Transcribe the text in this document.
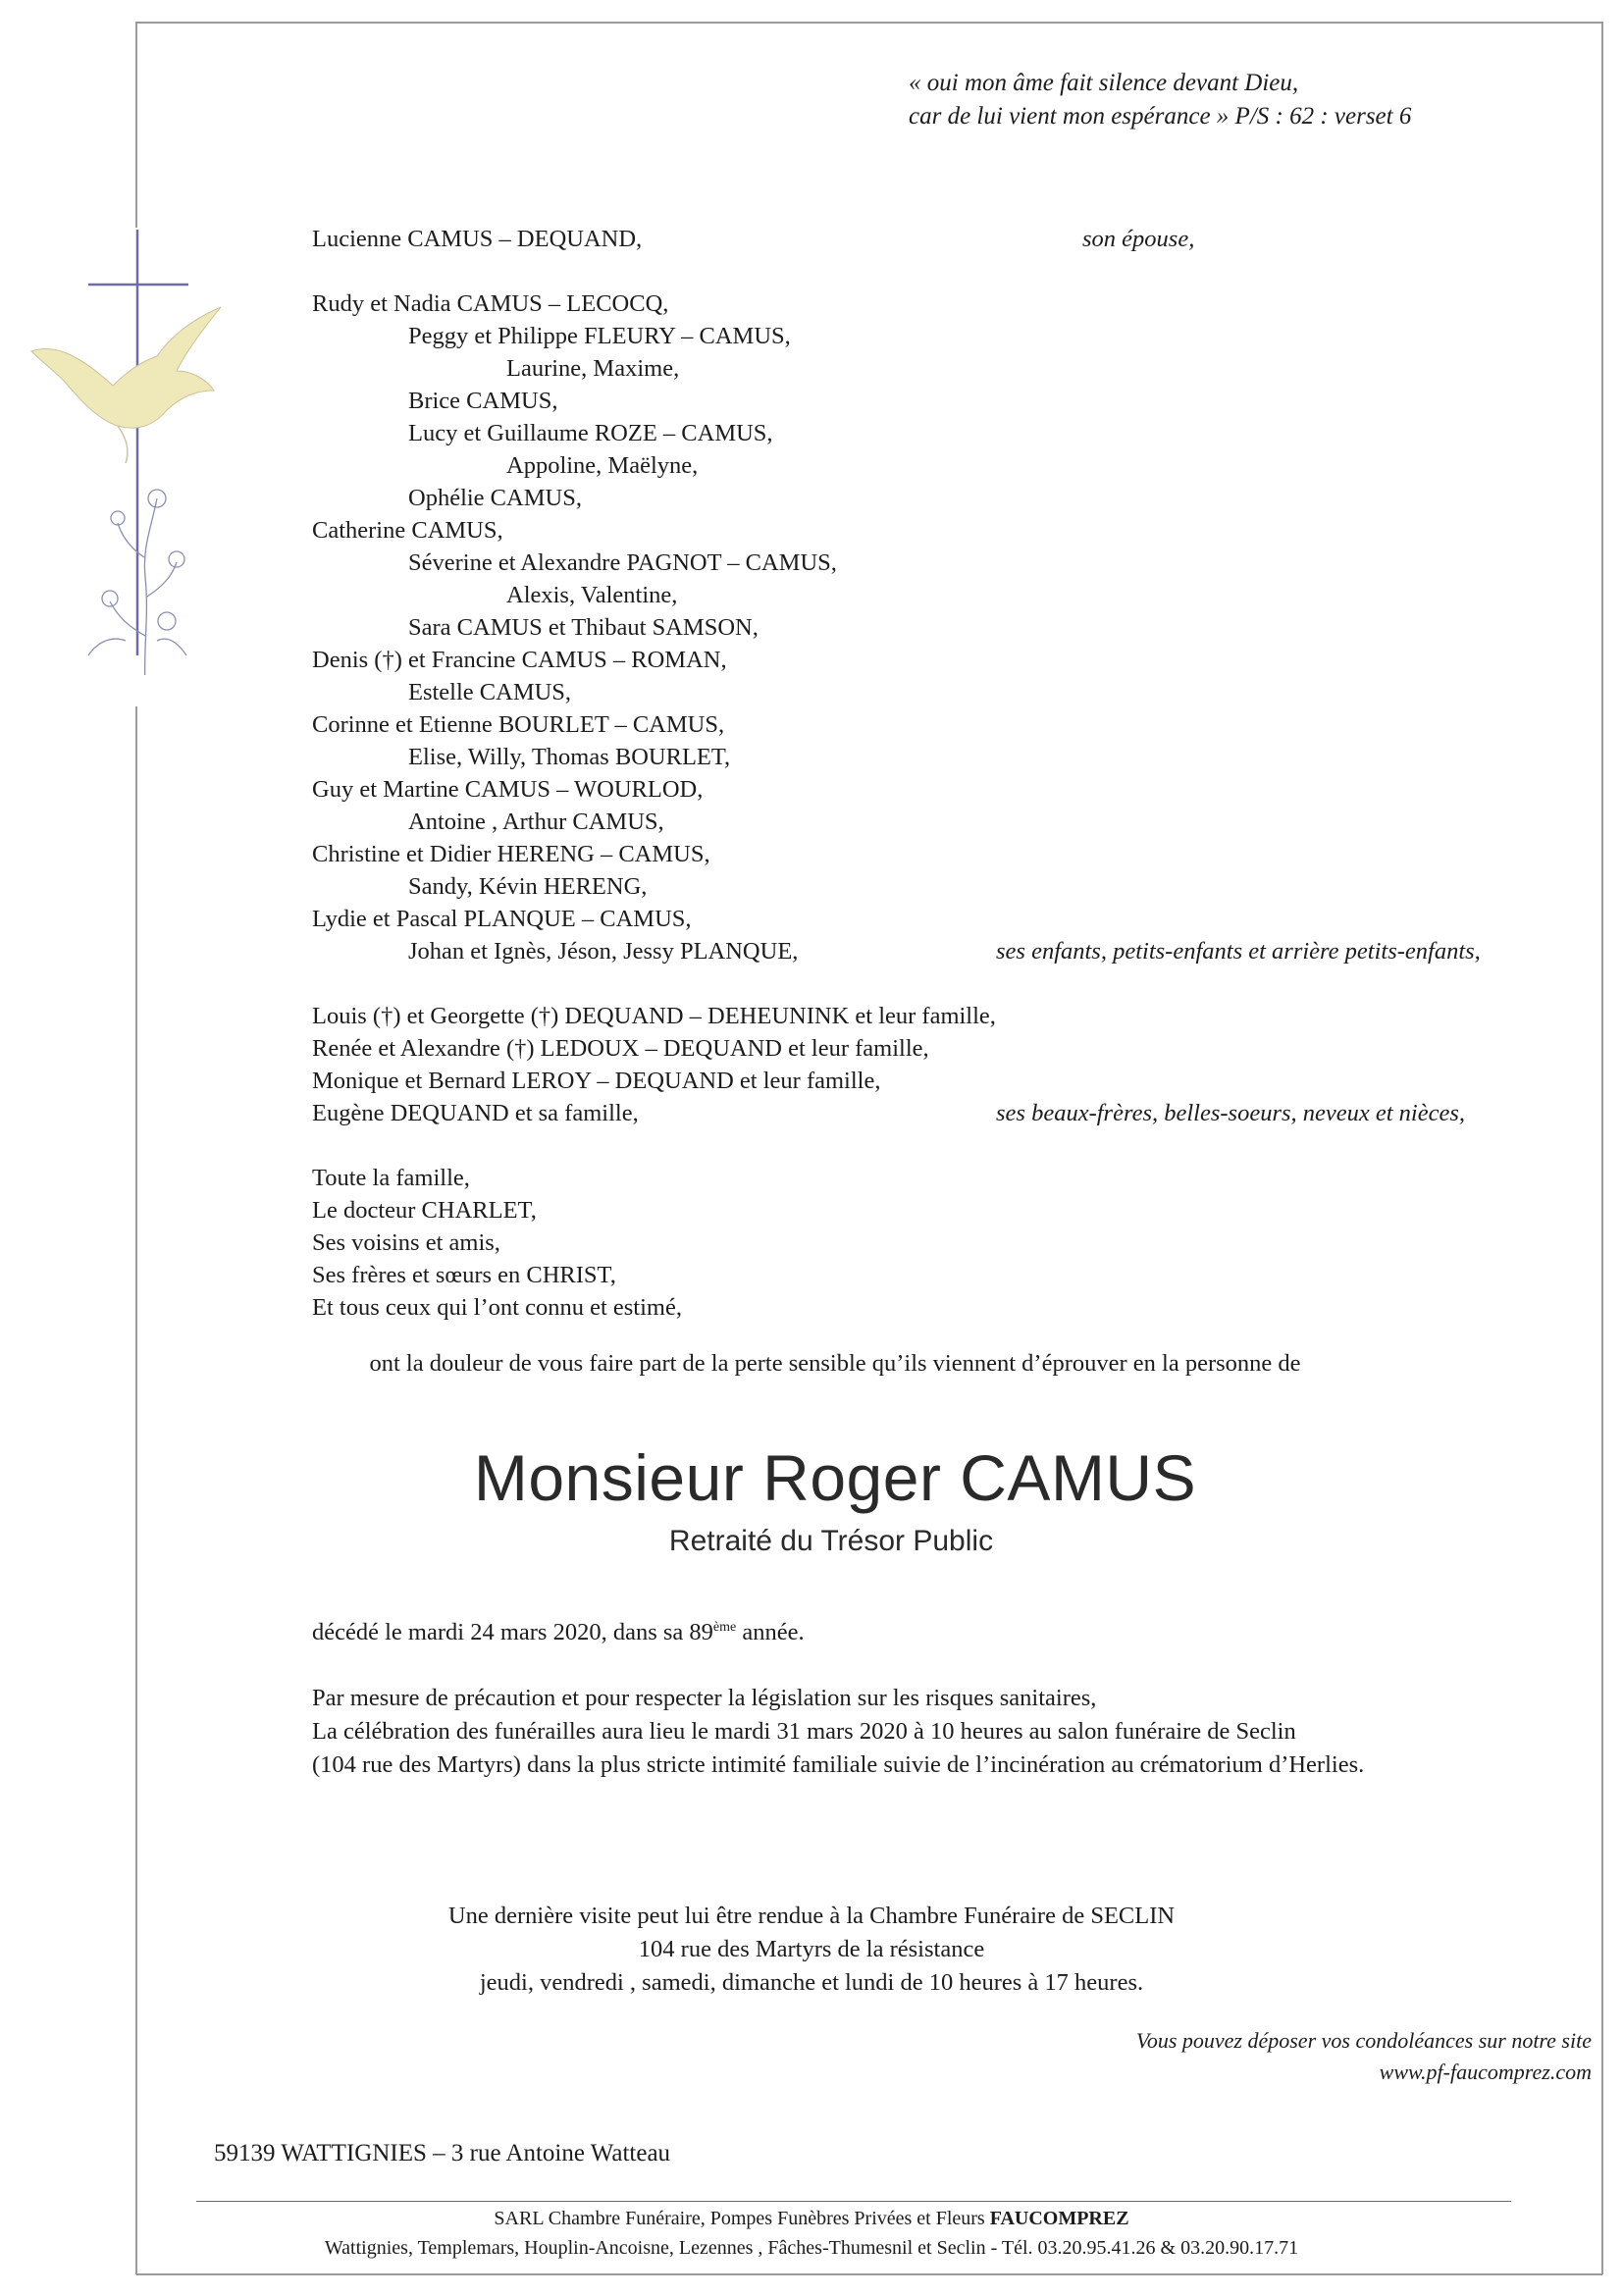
« oui mon âme fait silence devant Dieu,
car de lui vient mon espérance » P/S : 62 : verset 6
Lucienne CAMUS – DEQUAND,	son épouse,
Rudy et Nadia CAMUS – LECOCQ,
Peggy et Philippe FLEURY – CAMUS,
Laurine, Maxime,
Brice CAMUS,
Lucy et Guillaume ROZE – CAMUS,
Appoline, Maëlyne,
Ophélie CAMUS,
Catherine CAMUS,
Séverine et Alexandre PAGNOT – CAMUS,
Alexis, Valentine,
Sara CAMUS et Thibaut SAMSON,
Denis (†) et Francine CAMUS – ROMAN,
Estelle CAMUS,
Corinne et Etienne BOURLET – CAMUS,
Elise, Willy, Thomas BOURLET,
Guy et Martine CAMUS – WOURLOD,
Antoine , Arthur CAMUS,
Christine et Didier HERENG – CAMUS,
Sandy, Kévin HERENG,
Lydie et Pascal PLANQUE – CAMUS,
Johan et Ignès, Jéson, Jessy PLANQUE,	ses enfants, petits-enfants et arrière petits-enfants,
Louis (†) et Georgette (†) DEQUAND – DEHEUNINK et leur famille,
Renée et Alexandre (†) LEDOUX – DEQUAND et leur famille,
Monique et Bernard LEROY – DEQUAND et leur famille,
Eugène DEQUAND et sa famille,	ses beaux-frères, belles-soeurs, neveux et nièces,
Toute la famille,
Le docteur CHARLET,
Ses voisins et amis,
Ses frères et sœurs en CHRIST,
Et tous ceux qui l’ont connu et estimé,
ont la douleur de vous faire part de la perte sensible qu’ils viennent d’éprouver en la personne de
Monsieur Roger CAMUS
Retraité du Trésor Public
décédé le mardi 24 mars 2020, dans sa 89ème année.
Par mesure de précaution et pour respecter la législation sur les risques sanitaires,
La célébration des funérailles aura lieu le mardi 31 mars 2020 à 10 heures au salon funéraire de Seclin
(104 rue des Martyrs) dans la plus stricte intimité familiale suivie de l’incinération au crématorium d’Herlies.
Une dernière visite peut lui être rendue à la Chambre Funéraire de SECLIN
104 rue des Martyrs de la résistance
jeudi, vendredi , samedi, dimanche et lundi de 10 heures à 17 heures.
Vous pouvez déposer vos condoléances sur notre site
www.pf-faucomprez.com
59139 WATTIGNIES – 3 rue Antoine Watteau
SARL Chambre Funéraire, Pompes Funèbres Privées et Fleurs FAUCOMPREZ
Wattignies, Templemars, Houplin-Ancoisne, Lezennes , Fâches-Thumesnil et Seclin - Tél. 03.20.95.41.26 & 03.20.90.17.71
